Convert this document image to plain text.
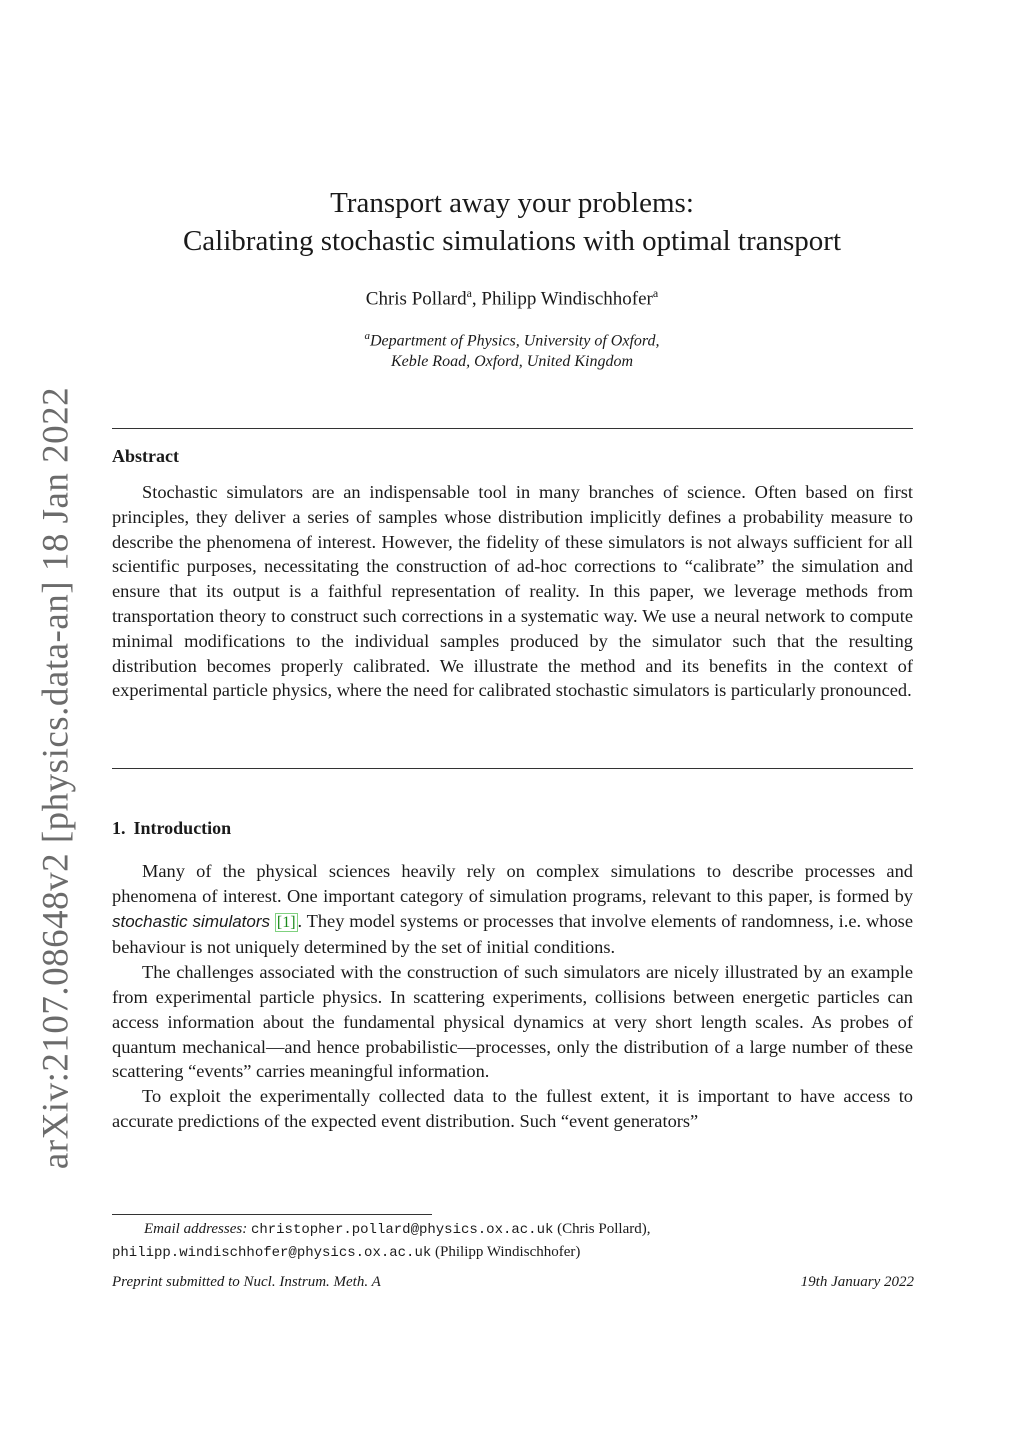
arXiv:2107.08648v2 [physics.data-an] 18 Jan 2022
Transport away your problems:
Calibrating stochastic simulations with optimal transport
Chris Pollard$^a$, Philipp Windischhofer$^a$
$^a$Department of Physics, University of Oxford,
Keble Road, Oxford, United Kingdom
Abstract

Stochastic simulators are an indispensable tool in many branches of science. Often based on first principles, they deliver a series of samples whose distribution implicitly defines a probability measure to describe the phenomena of interest. However, the fidelity of these simulators is not always sufficient for all scientific purposes, necessitating the construction of ad-hoc corrections to “calibrate” the simulation and ensure that its output is a faithful representation of reality. In this paper, we leverage methods from transportation theory to construct such corrections in a systematic way. We use a neural network to compute minimal modifications to the individual samples produced by the simulator such that the resulting distribution becomes properly calibrated. We illustrate the method and its benefits in the context of experimental particle physics, where the need for calibrated stochastic simulators is particularly pronounced.

1. Introduction

Many of the physical sciences heavily rely on complex simulations to describe processes and phenomena of interest. One important category of simulation programs, relevant to this paper, is formed by stochastic simulators [1] . They model systems or processes that involve elements of randomness, i.e. whose behaviour is not uniquely determined by the set of initial conditions.

The challenges associated with the construction of such simulators are nicely illustrated by an example from experimental particle physics. In scattering experiments, collisions between energetic particles can access information about the fundamental physical dynamics at very short length scales. As probes of quantum mechanical—and hence probabilistic—processes, only the distribution of a large number of these scattering “events” carries meaningful information.

To exploit the experimentally collected data to the fullest extent, it is important to have access to accurate predictions of the expected event distribution. Such “event generators”

Email addresses: christopher.pollard@physics.ox.ac.uk (Chris Pollard),
philipp.windischhofer@physics.ox.ac.uk (Philipp Windischhofer)
Preprint submitted to Nucl. Instrum. Meth. A	19th January 2022
